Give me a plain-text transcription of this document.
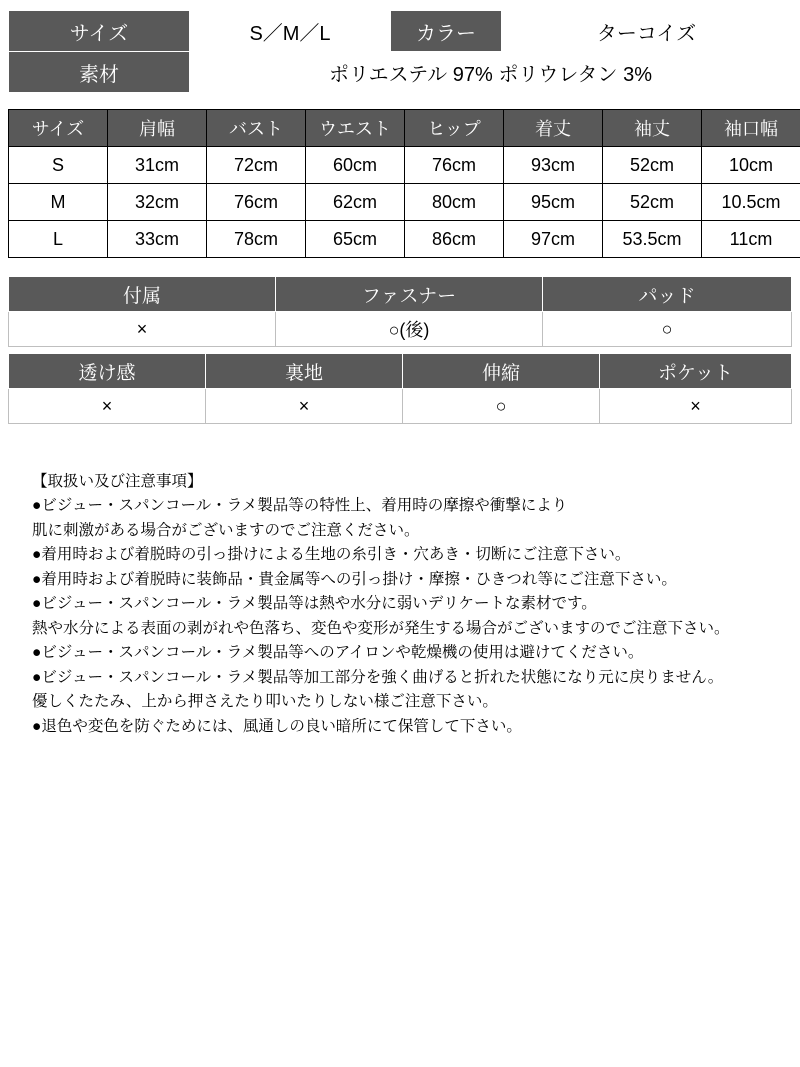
サイズ	S／M／L	カラー	ターコイズ
素材	ポリエステル 97% ポリウレタン 3%		
サイズ	肩幅	バスト	ウエスト	ヒップ	着丈	袖丈	袖口幅
S	31cm	72cm	60cm	76cm	93cm	52cm	10cm
M	32cm	76cm	62cm	80cm	95cm	52cm	10.5cm
L	33cm	78cm	65cm	86cm	97cm	53.5cm	11cm
付属	ファスナー	パッド
×	○(後)	○
透け感	裏地	伸縮	ポケット
×	×	○	×

【取扱い及び注意事項】

●ビジュー・スパンコール・ラメ製品等の特性上、着用時の摩擦や衝撃により

肌に刺激がある場合がございますのでご注意ください。

●着用時および着脱時の引っ掛けによる生地の糸引き・穴あき・切断にご注意下さい。

●着用時および着脱時に装飾品・貴金属等への引っ掛け・摩擦・ひきつれ等にご注意下さい。

●ビジュー・スパンコール・ラメ製品等は熱や水分に弱いデリケートな素材です。

熱や水分による表面の剥がれや色落ち、変色や変形が発生する場合がございますのでご注意下さい。

●ビジュー・スパンコール・ラメ製品等へのアイロンや乾燥機の使用は避けてください。

●ビジュー・スパンコール・ラメ製品等加工部分を強く曲げると折れた状態になり元に戻りません。

優しくたたみ、上から押さえたり叩いたりしない様ご注意下さい。

●退色や変色を防ぐためには、風通しの良い暗所にて保管して下さい。
